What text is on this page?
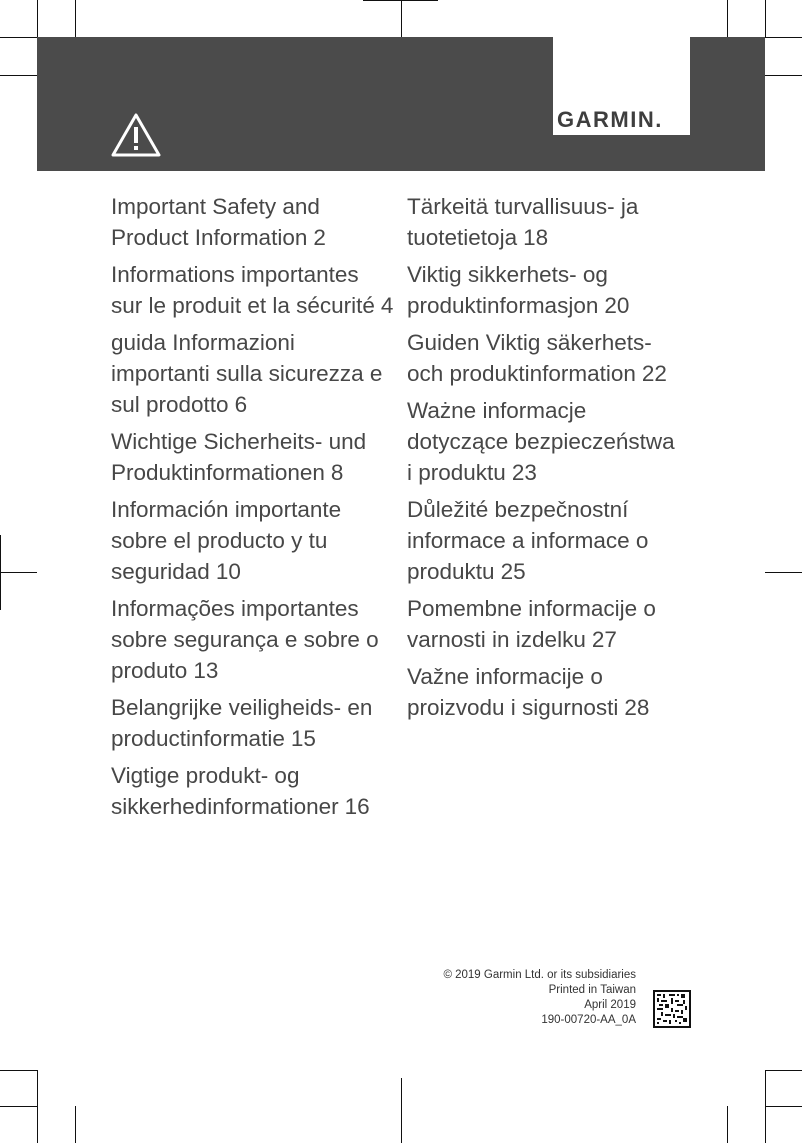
GARMIN.
Important Safety and Product Information 2
Informations importantes sur le produit et la sécurité 4
guida Informazioni importanti sulla sicurezza e sul prodotto 6
Wichtige Sicherheits- und Produktinformationen 8
Información importante sobre el producto y tu seguridad 10
Informações importantes sobre segurança e sobre o produto 13
Belangrijke veiligheids- en productinformatie 15
Vigtige produkt- og sikkerhedinformationer 16
Tärkeitä turvallisuus- ja tuotetietoja 18
Viktig sikkerhets- og produktinformasjon 20
Guiden Viktig säkerhets- och produktinformation 22
Ważne informacje dotyczące bezpieczeństwa i produktu 23
Důležité bezpečnostní informace a informace o produktu 25
Pomembne informacije o varnosti in izdelku 27
Važne informacije o proizvodu i sigurnosti 28
© 2019 Garmin Ltd. or its subsidiaries
Printed in Taiwan
April 2019
190-00720-AA_0A
